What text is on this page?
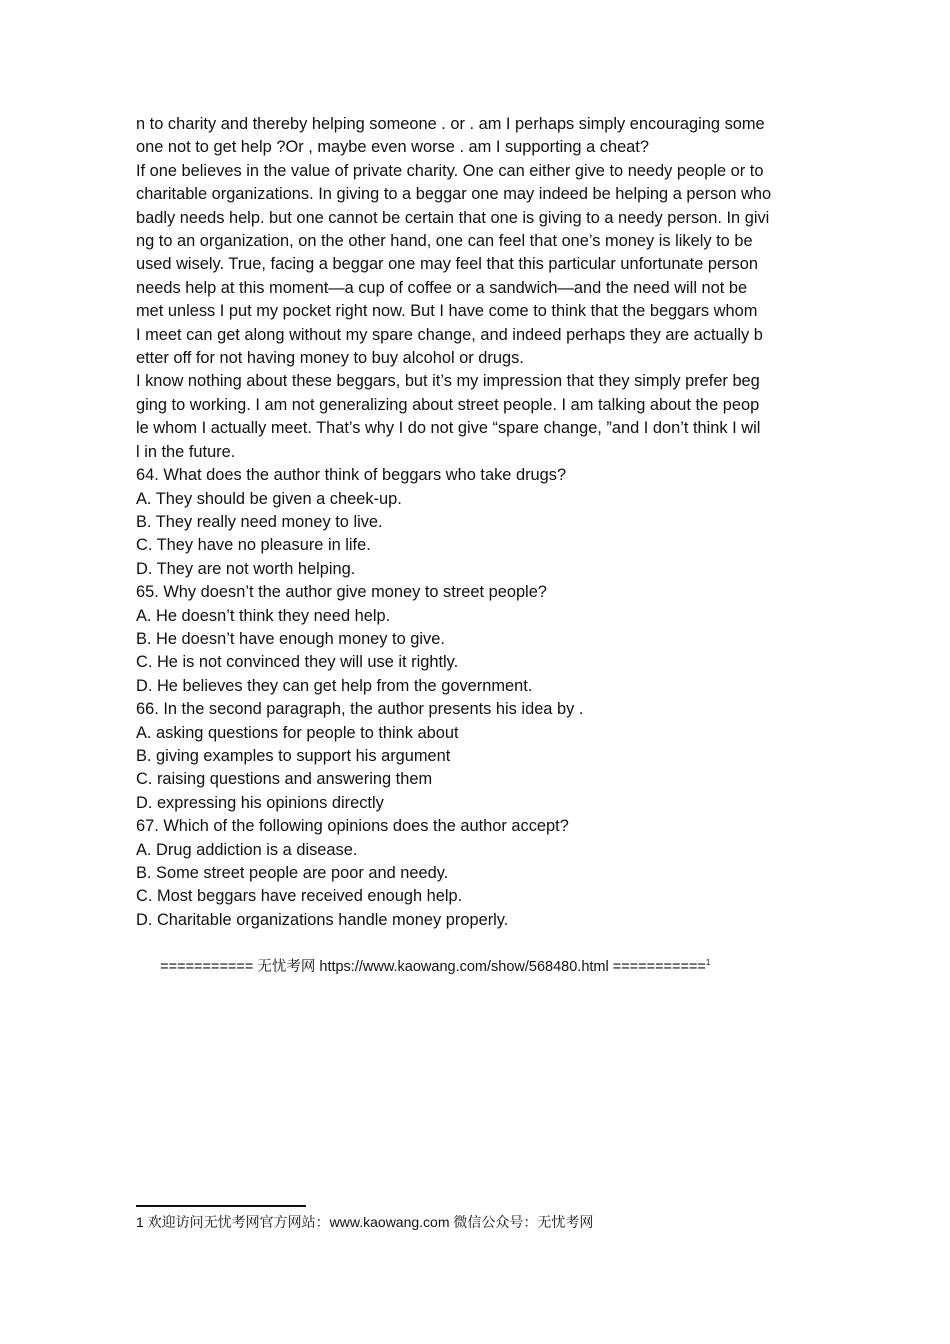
n to charity and thereby helping someone . or . am I perhaps simply encouraging some
one not to get help ?Or , maybe even worse . am I supporting a cheat?
If one believes in the value of private charity. One can either give to needy people or to
charitable organizations. In giving to a beggar one may indeed be helping a person who
badly needs help. but one cannot be certain that one is giving to a needy person. In givi
ng to an organization, on the other hand, one can feel that one’s money is likely to be
used wisely. True, facing a beggar one may feel that this particular unfortunate person
needs help at this moment—a cup of coffee or a sandwich—and the need will not be
met unless I put my pocket right now. But I have come to think that the beggars whom
I meet can get along without my spare change, and indeed perhaps they are actually b
etter off for not having money to buy alcohol or drugs.
I know nothing about these beggars, but it’s my impression that they simply prefer beg
ging to working. I am not generalizing about street people. I am talking about the peop
le whom I actually meet. That’s why I do not give “spare change, ”and I don’t think I wil
l in the future.
64. What does the author think of beggars who take drugs?
A. They should be given a cheek-up.
B. They really need money to live.
C. They have no pleasure in life.
D. They are not worth helping.
65. Why doesn’t the author give money to street people?
A. He doesn’t think they need help.
B. He doesn’t have enough money to give.
C. He is not convinced they will use it rightly.
D. He believes they can get help from the government.
66. In the second paragraph, the author presents his idea by .
A. asking questions for people to think about
B. giving examples to support his argument
C. raising questions and answering them
D. expressing his opinions directly
67. Which of the following opinions does the author accept?
A. Drug addiction is a disease.
B. Some street people are poor and needy.
C. Most beggars have received enough help.
D. Charitable organizations handle money properly.

=========== 无忧考网 https://www.kaowang.com/show/568480.html ===========$^1$

1 欢迎访问无忧考网官方网站：www.kaowang.com 微信公众号：无忧考网
